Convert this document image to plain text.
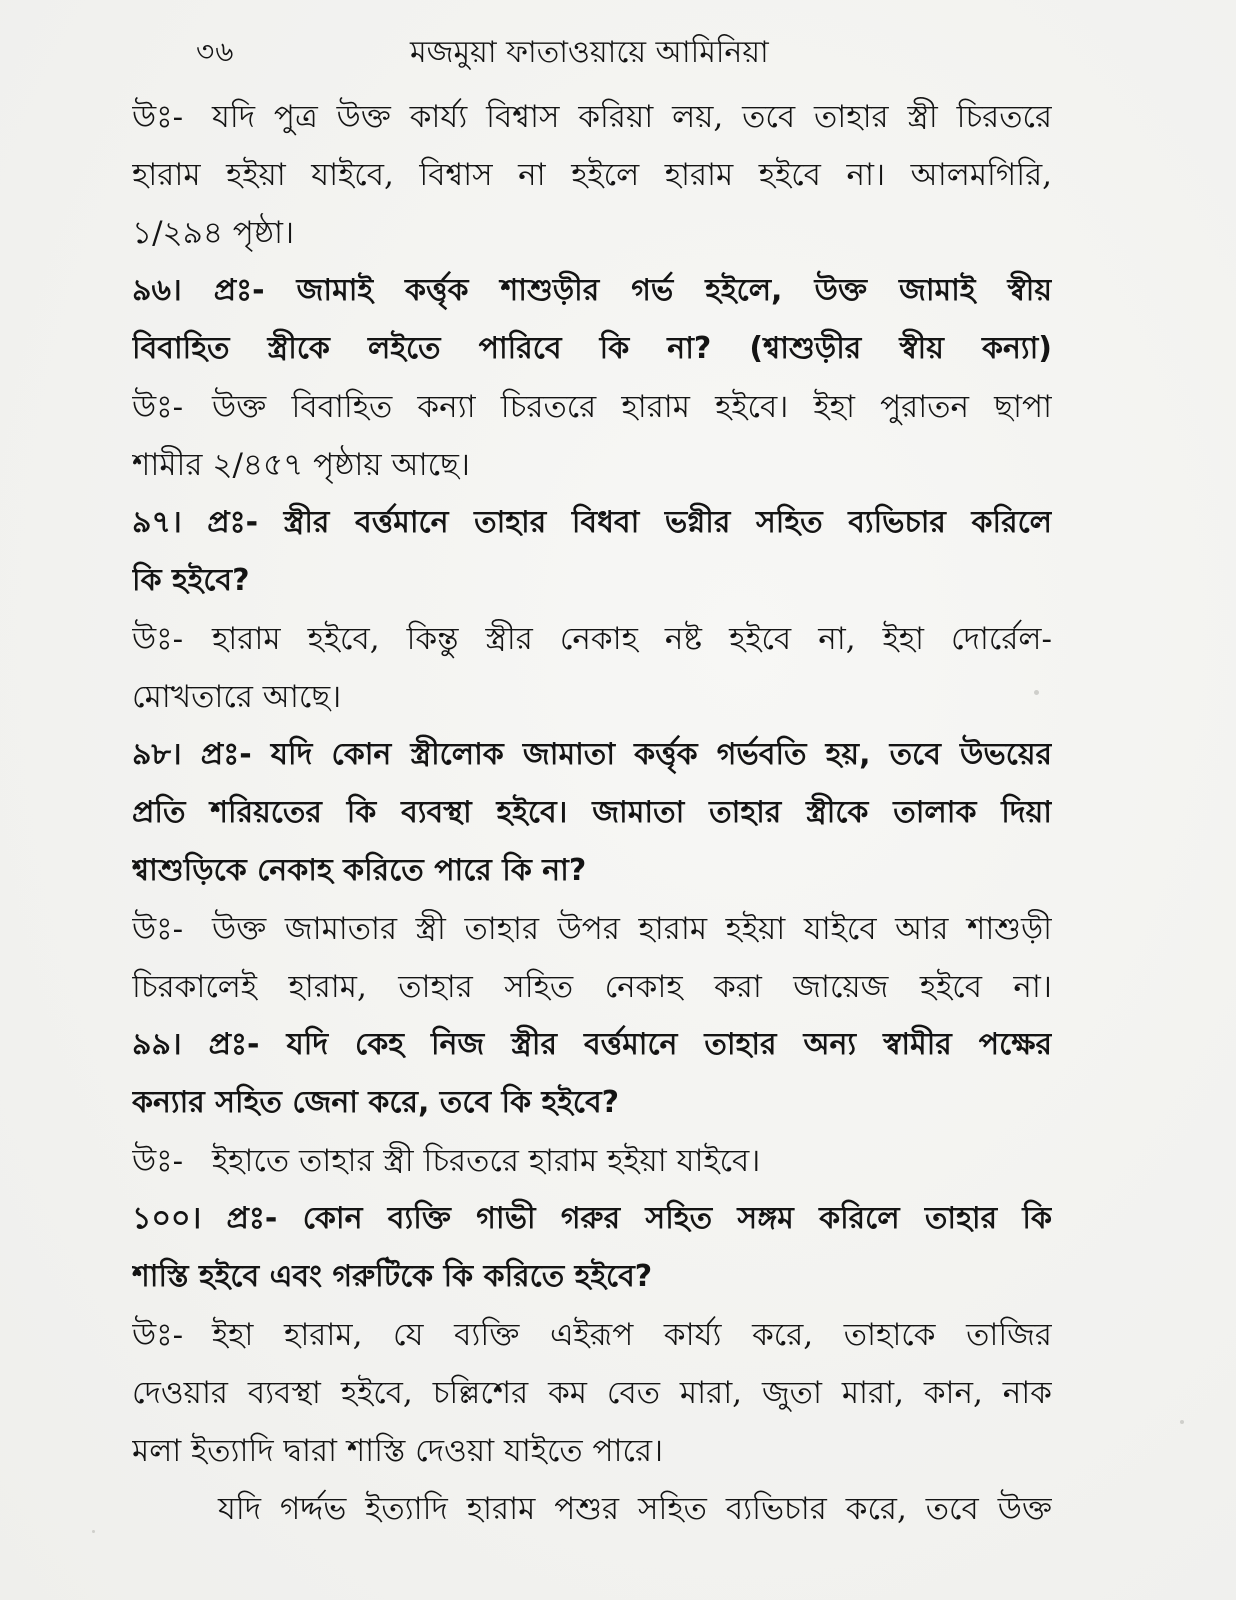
৩৬	মজমুয়া ফাতাওয়ায়ে আমিনিয়া
উঃ- যদি পুত্র উক্ত কার্য্য বিশ্বাস করিয়া লয়, তবে তাহার স্ত্রী চিরতরে
হারাম হইয়া যাইবে, বিশ্বাস না হইলে হারাম হইবে না। আলমগিরি,
১/২৯৪ পৃষ্ঠা।
৯৬। প্রঃ- জামাই কর্ত্তৃক শাশুড়ীর গর্ভ হইলে, উক্ত জামাই স্বীয়
বিবাহিত স্ত্রীকে লইতে পারিবে কি না? (শ্বাশুড়ীর স্বীয় কন্যা)
উঃ- উক্ত বিবাহিত কন্যা চিরতরে হারাম হইবে। ইহা পুরাতন ছাপা
শামীর ২/৪৫৭ পৃষ্ঠায় আছে।
৯৭। প্রঃ- স্ত্রীর বর্ত্তমানে তাহার বিধবা ভগ্নীর সহিত ব্যভিচার করিলে
কি হইবে?
উঃ- হারাম হইবে, কিন্তু স্ত্রীর নেকাহ নষ্ট হইবে না, ইহা দোর্রেল-
মোখতারে আছে।
৯৮। প্রঃ- যদি কোন স্ত্রীলোক জামাতা কর্ত্তৃক গর্ভবতি হয়, তবে উভয়ের
প্রতি শরিয়তের কি ব্যবস্থা হইবে। জামাতা তাহার স্ত্রীকে তালাক দিয়া
শ্বাশুড়িকে নেকাহ করিতে পারে কি না?
উঃ- উক্ত জামাতার স্ত্রী তাহার উপর হারাম হইয়া যাইবে আর শাশুড়ী
চিরকালেই হারাম, তাহার সহিত নেকাহ করা জায়েজ হইবে না।
৯৯। প্রঃ- যদি কেহ নিজ স্ত্রীর বর্ত্তমানে তাহার অন্য স্বামীর পক্ষের
কন্যার সহিত জেনা করে, তবে কি হইবে?
উঃ- ইহাতে তাহার স্ত্রী চিরতরে হারাম হইয়া যাইবে।
১০০। প্রঃ- কোন ব্যক্তি গাভী গরুর সহিত সঙ্গম করিলে তাহার কি
শাস্তি হইবে এবং গরুটিকে কি করিতে হইবে?
উঃ- ইহা হারাম, যে ব্যক্তি এইরূপ কার্য্য করে, তাহাকে তাজির
দেওয়ার ব্যবস্থা হইবে, চল্লিশের কম বেত মারা, জুতা মারা, কান, নাক
মলা ইত্যাদি দ্বারা শাস্তি দেওয়া যাইতে পারে।
যদি গর্দ্দভ ইত্যাদি হারাম পশুর সহিত ব্যভিচার করে, তবে উক্ত
